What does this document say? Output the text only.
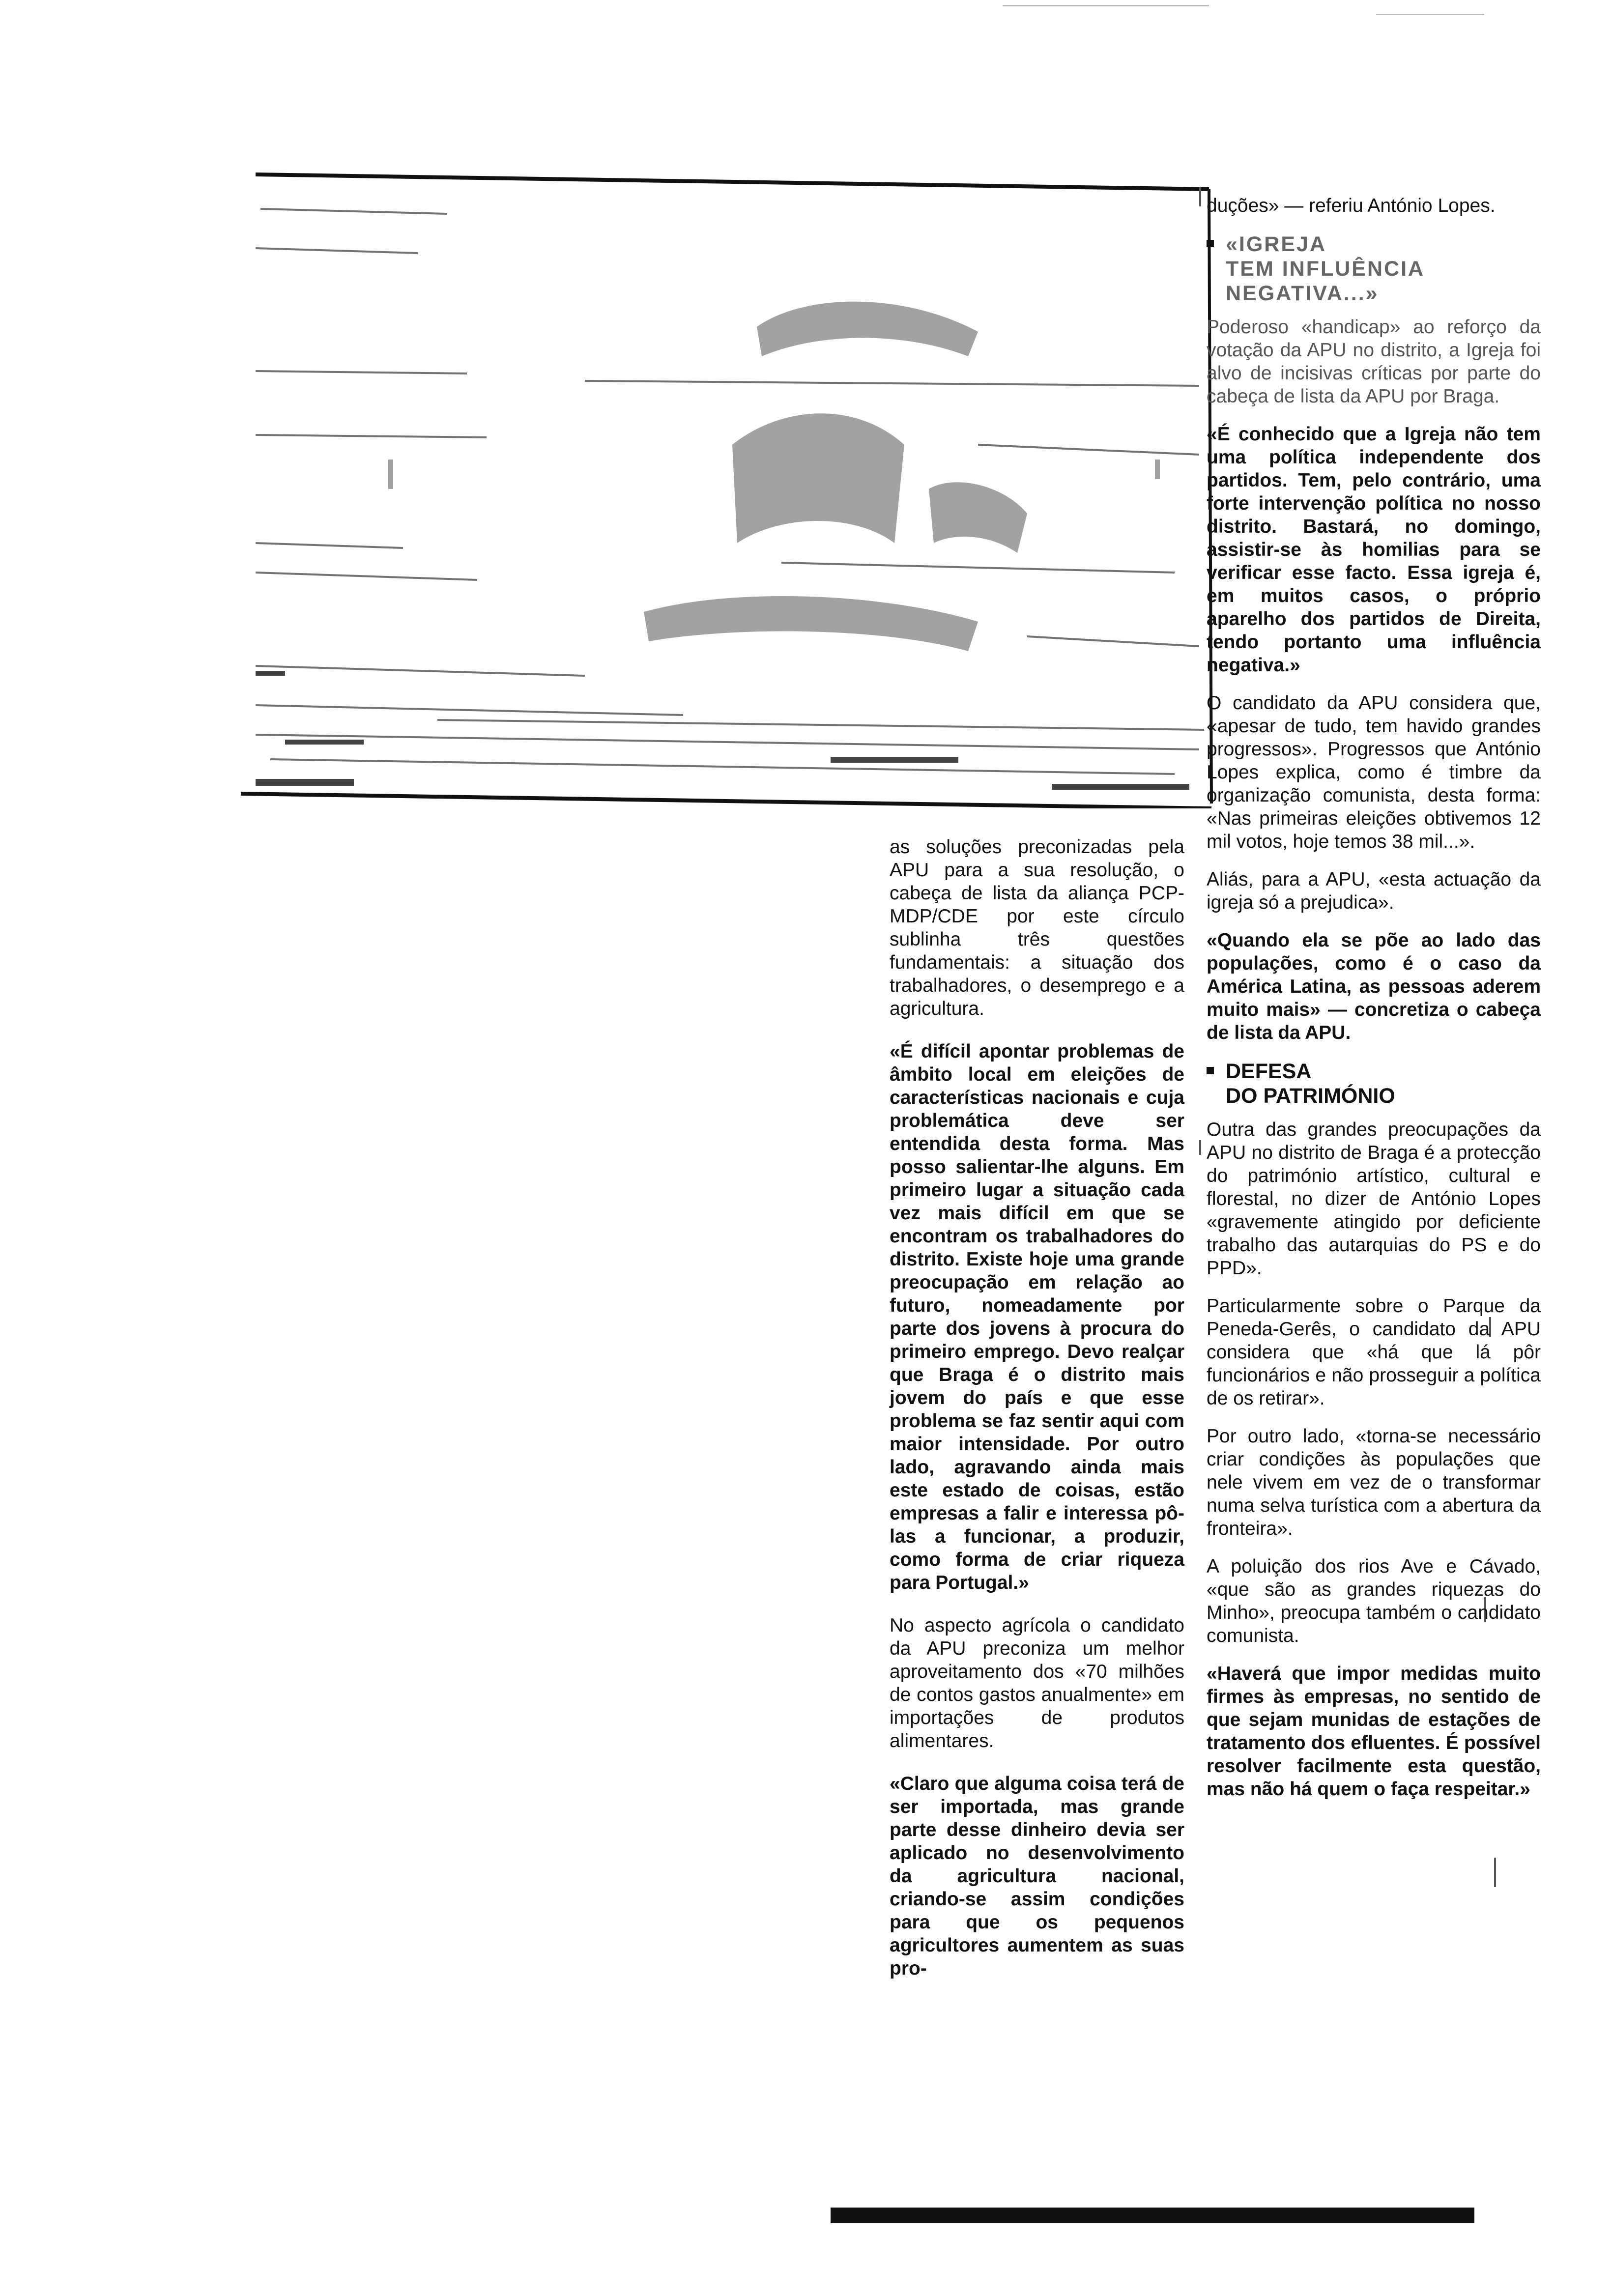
as soluções preconizadas pela APU para a sua resolução, o cabeça de lista da aliança PCP-MDP/CDE por este círculo sublinha três questões fundamentais: a situação dos trabalhadores, o desemprego e a agricultura.

«É difícil apontar problemas de âmbito local em eleições de características nacionais e cuja problemática deve ser entendida desta forma. Mas posso salientar-lhe alguns. Em primeiro lugar a situação cada vez mais difícil em que se encontram os trabalhadores do distrito. Existe hoje uma grande preocupação em relação ao futuro, nomeadamente por parte dos jovens à procura do primeiro emprego. Devo realçar que Braga é o distrito mais jovem do país e que esse problema se faz sentir aqui com maior intensidade. Por outro lado, agravando ainda mais este estado de coisas, estão empresas a falir e interessa pô-las a funcionar, a produzir, como forma de criar riqueza para Portugal.»

No aspecto agrícola o candidato da APU preconiza um melhor aproveitamento dos «70 milhões de contos gastos anualmente» em importações de produtos alimentares.

«Claro que alguma coisa terá de ser importada, mas grande parte desse dinheiro devia ser aplicado no desenvolvimento da agricultura nacional, criando-se assim condições para que os pequenos agricultores aumentem as suas pro-

duções» — referiu António Lopes.

«IGREJA
TEM INFLUÊNCIA
NEGATIVA...»

Poderoso «handicap» ao reforço da votação da APU no distrito, a Igreja foi alvo de incisivas críticas por parte do cabeça de lista da APU por Braga.

«É conhecido que a Igreja não tem uma política independente dos partidos. Tem, pelo contrário, uma forte intervenção política no nosso distrito. Bastará, no domingo, assistir-se às homilias para se verificar esse facto. Essa igreja é, em muitos casos, o próprio aparelho dos partidos de Direita, tendo portanto uma influência negativa.»

O candidato da APU considera que, «apesar de tudo, tem havido grandes progressos». Progressos que António Lopes explica, como é timbre da organização comunista, desta forma: «Nas primeiras eleições obtivemos 12 mil votos, hoje temos 38 mil...».

Aliás, para a APU, «esta actuação da igreja só a prejudica».

«Quando ela se põe ao lado das populações, como é o caso da América Latina, as pessoas aderem muito mais» — concretiza o cabeça de lista da APU.

DEFESA
DO PATRIMÓNIO

Outra das grandes preocupações da APU no distrito de Braga é a protecção do património artístico, cultural e florestal, no dizer de António Lopes «gravemente atingido por deficiente trabalho das autarquias do PS e do PPD».

Particularmente sobre o Parque da Peneda-Gerês, o candidato da APU considera que «há que lá pôr funcionários e não prosseguir a política de os retirar».

Por outro lado, «torna-se necessário criar condições às populações que nele vivem em vez de o transformar numa selva turística com a abertura da fronteira».

A poluição dos rios Ave e Cávado, «que são as grandes riquezas do Minho», preocupa também o candidato comunista.

«Haverá que impor medidas muito firmes às empresas, no sentido de que sejam munidas de estações de tratamento dos efluentes. É possível resolver facilmente esta questão, mas não há quem o faça respeitar.»
